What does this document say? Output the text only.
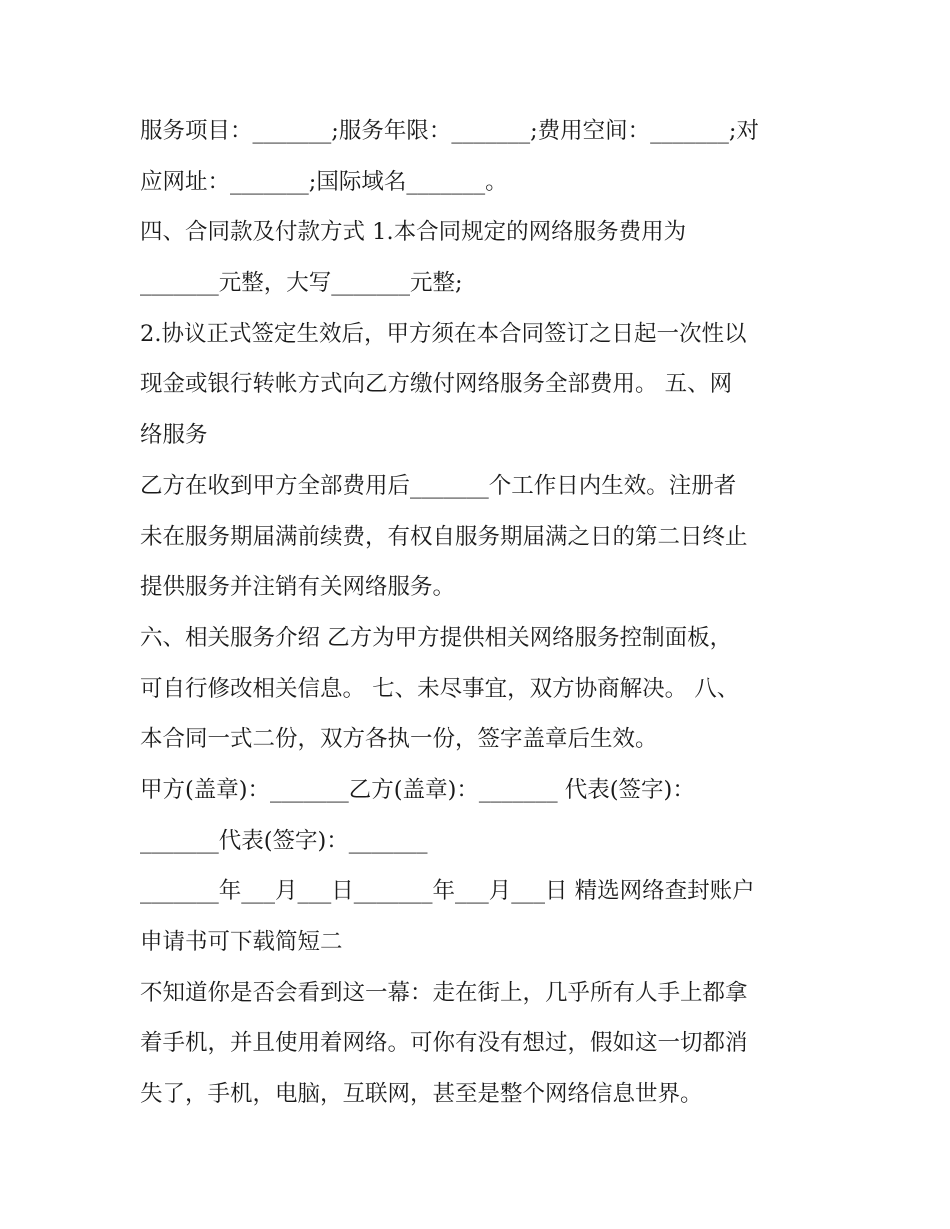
服务项目：_______;服务年限：_______;费用空间：_______;对
应网址：_______;国际域名_______。
四、合同款及付款方式 1.本合同规定的网络服务费用为
_______元整，大写_______元整;
2.协议正式签定生效后，甲方须在本合同签订之日起一次性以
现金或银行转帐方式向乙方缴付网络服务全部费用。 五、网
络服务
乙方在收到甲方全部费用后_______个工作日内生效。注册者
未在服务期届满前续费，有权自服务期届满之日的第二日终止
提供服务并注销有关网络服务。
六、相关服务介绍 乙方为甲方提供相关网络服务控制面板，
可自行修改相关信息。 七、未尽事宜，双方协商解决。 八、
本合同一式二份，双方各执一份，签字盖章后生效。
甲方(盖章)：_______乙方(盖章)：_______ 代表(签字)：
_______代表(签字)：_______
_______年___月___日_______年___月___日 精选网络查封账户
申请书可下载简短二
不知道你是否会看到这一幕：走在街上，几乎所有人手上都拿
着手机，并且使用着网络。可你有没有想过，假如这一切都消
失了，手机，电脑，互联网，甚至是整个网络信息世界。
